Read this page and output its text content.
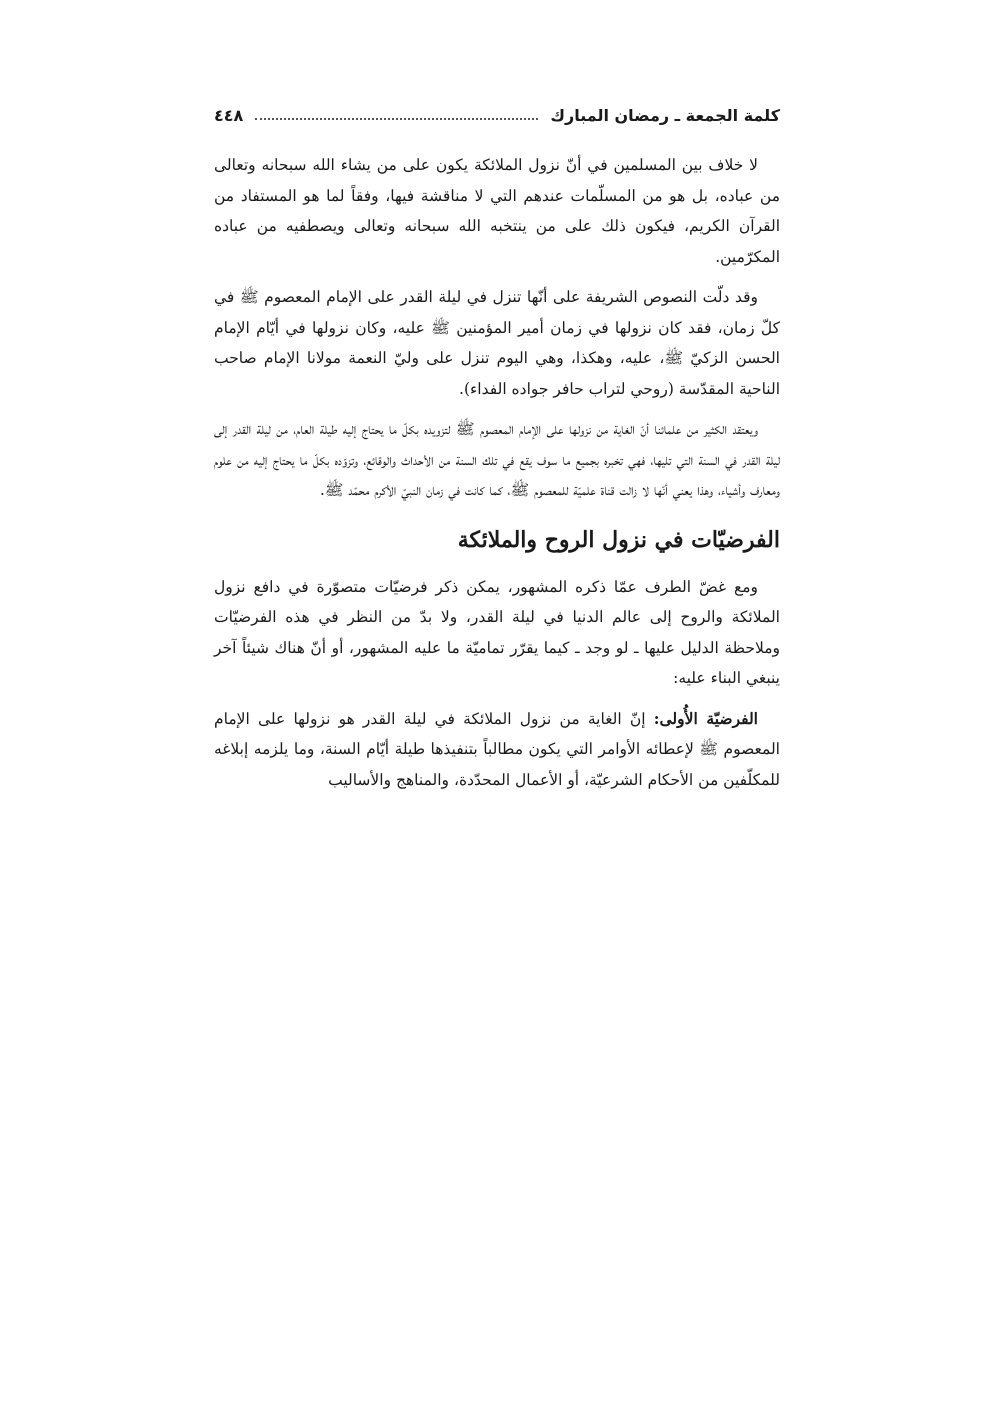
كلمة الجمعة ـ رمضان المبارك
٤٤٨

لا خلاف بين المسلمين في أنّ نزول الملائكة يكون على من يشاء الله سبحانه وتعالى من عباده، بل هو من المسلّمات عندهم التي لا مناقشة فيها، وفقاً لما هو المستفاد من القرآن الكريم، فيكون ذلك على من ينتخبه الله سبحانه وتعالى ويصطفيه من عباده المكرّمين.

وقد دلّت النصوص الشريفة على أنّها تنزل في ليلة القدر على الإمام المعصوم ﷺ في كلّ زمان، فقد كان نزولها في زمان أمير المؤمنين ﷺ عليه، وكان نزولها في أيّام الإمام الحسن الزكيّ ﷺ، عليه، وهكذا، وهي اليوم تنزل على وليّ النعمة مولانا الإمام صاحب الناحية المقدّسة (روحي لتراب حافر جواده الفداء).

ويعتقد الكثير من علمائنا أنّ الغاية من نزولها على الإمام المعصوم ﷺ لتزويده بكلّ ما يحتاج إليه طيلة العام، من ليلة القدر إلى ليلة القدر في السنة التي تليها، فهي تخبره بجميع ما سوف يقع في تلك السنة من الأحداث والوقائع، وتزوّده بكلّ ما يحتاج إليه من علوم ومعارف وأشياء، وهذا يعني أنّها لا زالت قناة علميّة للمعصوم ﷺ، كما كانت في زمان النبيّ الأكرم محمّد ﷺ.

الفرضيّات في نزول الروح والملائكة

ومع غضّ الطرف عمّا ذكره المشهور، يمكن ذكر فرضيّات متصوّرة في دافع نزول الملائكة والروح إلى عالم الدنيا في ليلة القدر، ولا بدّ من النظر في هذه الفرضيّات وملاحظة الدليل عليها ـ لو وجد ـ كيما يقرّر تماميّة ما عليه المشهور، أو أنّ هناك شيئاً آخر ينبغي البناء عليه:

الفرضيّة الأُولى: إنّ الغاية من نزول الملائكة في ليلة القدر هو نزولها على الإمام المعصوم ﷺ لإعطائه الأوامر التي يكون مطالباً بتنفيذها طيلة أيّام السنة، وما يلزمه إبلاغه للمكلّفين من الأحكام الشرعيّة، أو الأعمال المحدّدة، والمناهج والأساليب
